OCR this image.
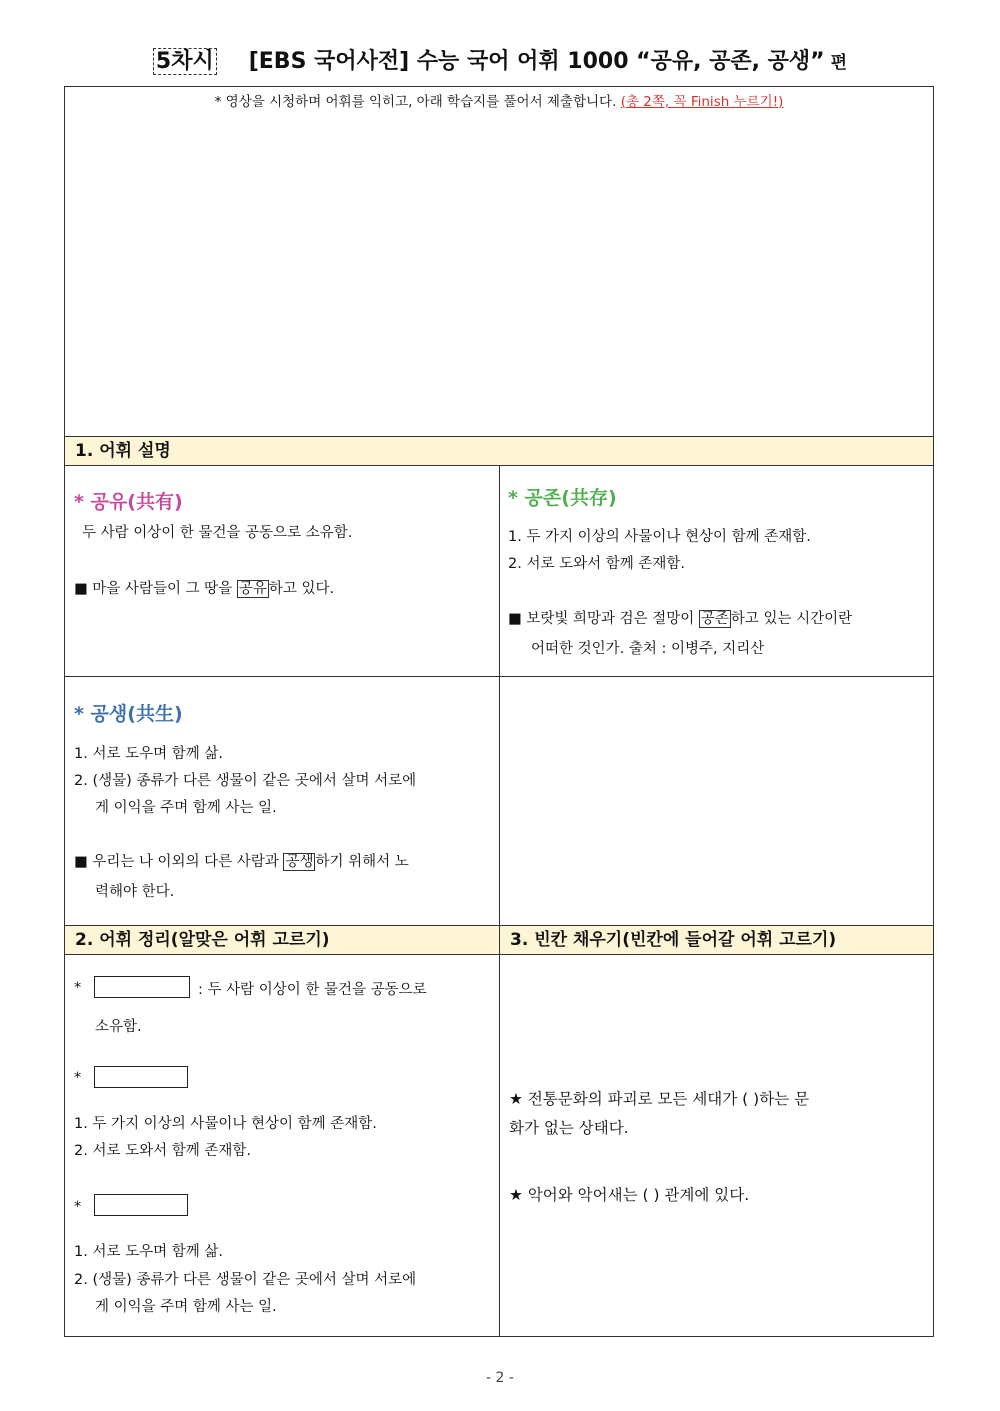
5차시 [EBS 국어사전] 수능 국어 어휘 1000 “공유, 공존, 공생” 편
* 영상을 시청하며 어휘를 익히고, 아래 학습지를 풀어서 제출합니다. (총 2쪽, 꼭 Finish 누르기!)
1. 어휘 설명
* 공유(共有)
두 사람 이상이 한 물건을 공동으로 소유함.
■ 마을 사람들이 그 땅을 공유 하고 있다.
* 공존(共存)
1. 두 가지 이상의 사물이나 현상이 함께 존재함.
2. 서로 도와서 함께 존재함.
■ 보랏빛 희망과 검은 절망이 공존 하고 있는 시간이란
어떠한 것인가. 출처 : 이병주, 지리산
* 공생(共生)
1. 서로 도우며 함께 삶.
2. (생물) 종류가 다른 생물이 같은 곳에서 살며 서로에
게 이익을 주며 함께 사는 일.
■ 우리는 나 이외의 다른 사람과 공생 하기 위해서 노
력해야 한다.
2. 어휘 정리(알맞은 어휘 고르기)	3. 빈칸 채우기(빈칸에 들어갈 어휘 고르기)
*	: 두 사람 이상이 한 물건을 공동으로
소유함.
*
1. 두 가지 이상의 사물이나 현상이 함께 존재함.
2. 서로 도와서 함께 존재함.
*
1. 서로 도우며 함께 삶.
2. (생물) 종류가 다른 생물이 같은 곳에서 살며 서로에
게 이익을 주며 함께 사는 일.
★ 전통문화의 파괴로 모든 세대가 ( )하는 문
화가 없는 상태다.
★ 악어와 악어새는 ( ) 관계에 있다.
- 2 -
